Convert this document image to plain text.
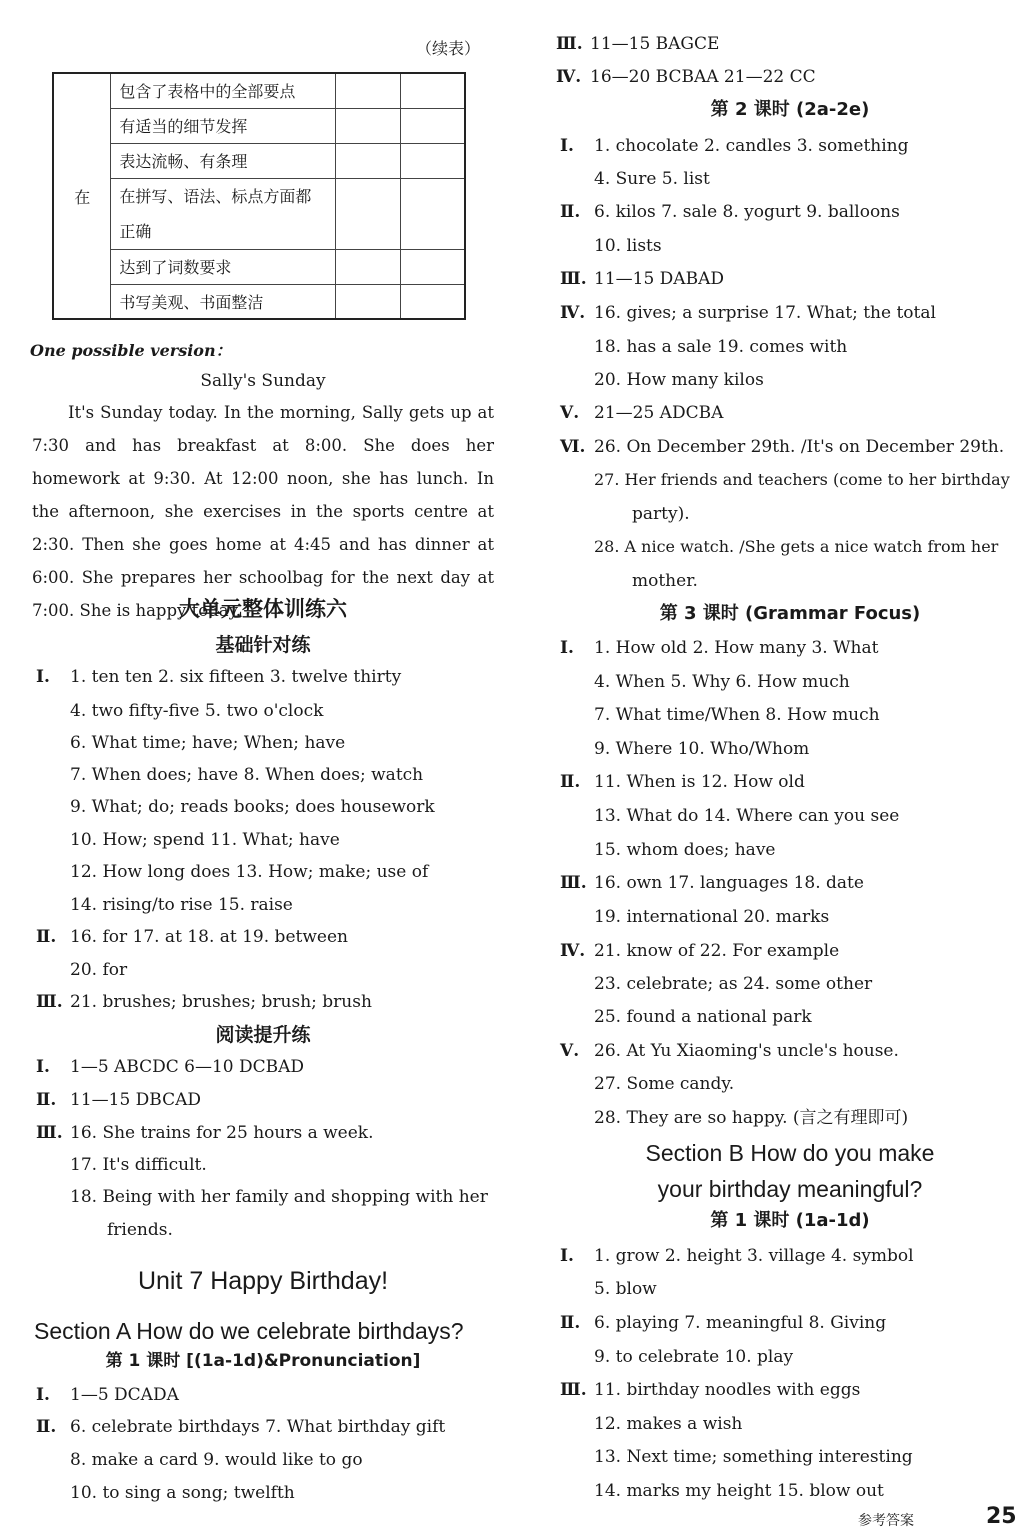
（续表）
在	包含了表格中的全部要点		
	有适当的细节发挥		
	表达流畅、有条理		
	在拼写、语法、标点方面都正确		
	达到了词数要求		
	书写美观、书面整洁		
One possible version：
Sally's Sunday
It's Sunday today. In the morning, Sally gets up at 7:30 and has breakfast at 8:00. She does her homework at 9:30. At 12:00 noon, she has lunch. In the afternoon, she exercises in the sports centre at 2:30. Then she goes home at 4:45 and has dinner at 6:00. She prepares her schoolbag for the next day at 7:00. She is happy today.
大单元整体训练六
基础针对练
Ⅰ. 1. ten ten 2. six fifteen 3. twelve thirty
4. two fifty-five 5. two o'clock
6. What time; have; When; have
7. When does; have 8. When does; watch
9. What; do; reads books; does housework
10. How; spend 11. What; have
12. How long does 13. How; make; use of
14. rising/to rise 15. raise
Ⅱ. 16. for 17. at 18. at 19. between
20. for
Ⅲ. 21. brushes; brushes; brush; brush
阅读提升练
Ⅰ. 1—5 ABCDC 6—10 DCBAD
Ⅱ. 11—15 DBCAD
Ⅲ. 16. She trains for 25 hours a week.
17. It's difficult.
18. Being with her family and shopping with her
friends.
Unit 7 Happy Birthday!
Section A How do we celebrate birthdays?
第 1 课时 [(1a-1d)&Pronunciation]
Ⅰ. 1—5 DCADA
Ⅱ. 6. celebrate birthdays 7. What birthday gift
8. make a card 9. would like to go
10. to sing a song; twelfth
Ⅲ. 11—15 BAGCE
Ⅳ. 16—20 BCBAA 21—22 CC
第 2 课时 (2a-2e)
Ⅰ. 1. chocolate 2. candles 3. something
4. Sure 5. list
Ⅱ. 6. kilos 7. sale 8. yogurt 9. balloons
10. lists
Ⅲ. 11—15 DABAD
Ⅳ. 16. gives; a surprise 17. What; the total
18. has a sale 19. comes with
20. How many kilos
Ⅴ. 21—25 ADCBA
Ⅵ. 26. On December 29th. /It's on December 29th.
27. Her friends and teachers (come to her birthday
party).
28. A nice watch. /She gets a nice watch from her
mother.
第 3 课时 (Grammar Focus)
Ⅰ. 1. How old 2. How many 3. What
4. When 5. Why 6. How much
7. What time/When 8. How much
9. Where 10. Who/Whom
Ⅱ. 11. When is 12. How old
13. What do 14. Where can you see
15. whom does; have
Ⅲ. 16. own 17. languages 18. date
19. international 20. marks
Ⅳ. 21. know of 22. For example
23. celebrate; as 24. some other
25. found a national park
Ⅴ. 26. At Yu Xiaoming's uncle's house.
27. Some candy.
28. They are so happy. (言之有理即可)
Section B How do you make
your birthday meaningful?
第 1 课时 (1a-1d)
Ⅰ. 1. grow 2. height 3. village 4. symbol
5. blow
Ⅱ. 6. playing 7. meaningful 8. Giving
9. to celebrate 10. play
Ⅲ. 11. birthday noodles with eggs
12. makes a wish
13. Next time; something interesting
14. marks my height 15. blow out
参考答案	25
